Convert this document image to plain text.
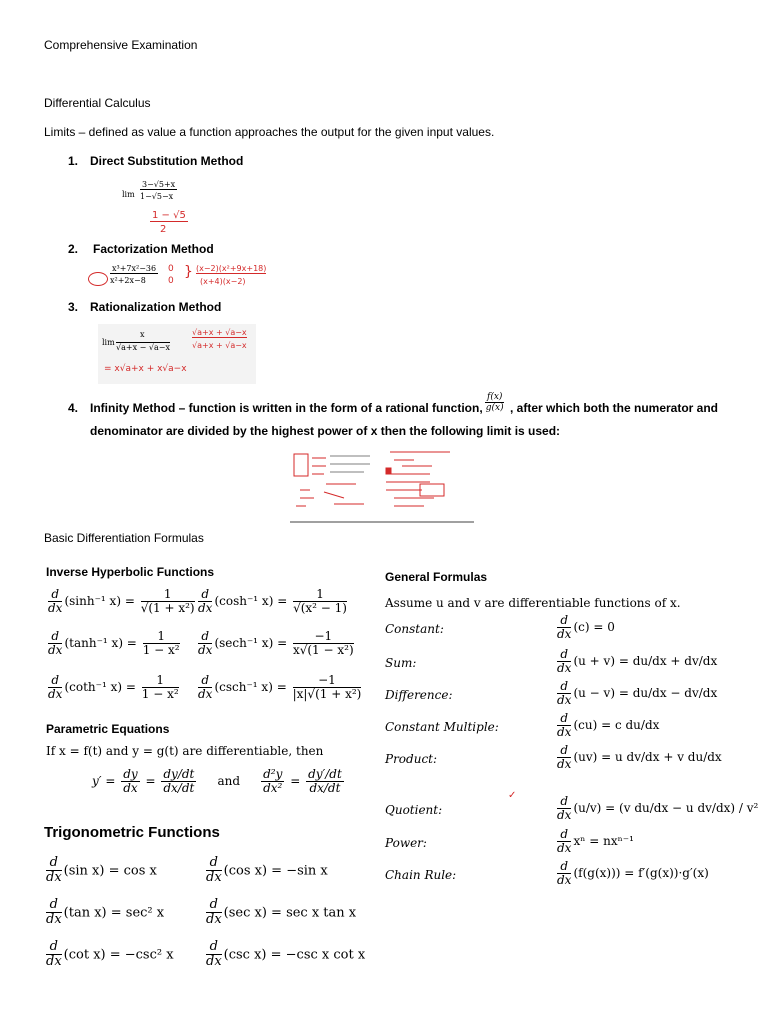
Comprehensive Examination
Differential Calculus
Limits – defined as value a function approaches the output for the given input values.
1. Direct Substitution Method
lim
3−√5+x
1−√5−x
1 − √5
2
2. Factorization Method
x³+7x²−36
x²+2x−8
0
0
} (x−2)(x²+9x+18)
(x+4)(x−2)
3. Rationalization Method
lim
x
√a+x − √a−x
√a+x + √a−x
√a+x + √a−x
= x√a+x + x√a−x
4. Infinity Method – function is written in the form of a rational function, $\frac{f(x)}{g(x)}$ , after which both the numerator and
denominator are divided by the highest power of x then the following limit is used:
Basic Differentiation Formulas
Inverse Hyperbolic Functions
$\frac{d}{dx} (\sinh^{-1}$ $x) = \frac{1}{\text{√(1 + x²)}} \frac{d}{dx} (\cosh^{-1}$ $x) = \frac{1}{\text{√(x² − 1)}}$
$\frac{d}{dx} (\tanh^{-1}$ $x) = \frac{1}{\text{1 − x²}} \frac{d}{dx} (\sec h^{-1}$ $x) = \frac{-1}{\text{x√(1 − x²)}}$
$\frac{d}{dx} (\cot h^{-1}$ $x) = \frac{1}{\text{1 − x²}} \frac{d}{dx} (\csc h^{-1}$ $x) = \frac{-1}{\text{|x|√(1 + x²)}}$
Parametric Equations
If x = f(t) and y = g(t) are differentiable, then
$y' = \frac{dy}{dx} = \frac{dy/dt}{dx/dt}$ and $\frac{\text{d²y}}{\text{dx²}} = \frac{dy'/dt}{dx/dt}$
Trigonometric Functions
$\frac{d}{dx} (\sin$ x) = cos x	$\frac{d}{dx} (\cos$ x) = −sin x
$\frac{d}{dx} (\tan$ x) = sec² x	$\frac{d}{dx} (\sec$ x) = sec x tan x
$\frac{d}{dx} (\cot$ x) = −csc² x $\frac{d}{dx} (\csc$ x) = −csc x cot x
General Formulas
Assume u and v are differentiable functions of x.
Constant:	$\frac{d}{dx} (c) = 0$
Sum:	$\frac{d}{dx} (u + v) = du/dx + dv/dx$
Difference:	$\frac{d}{dx} (u - v) = du/dx - dv/dx$
Constant Multiple:	$\frac{d}{dx} (cu) = c$ du/dx
Product:	$\frac{d}{dx} (uv) = u$ dv/dx + v du/dx
✓
Quotient:	$\frac{d}{dx} (u/v) = (v$ du/dx − u dv/dx) / v²
Power:	$\frac{d}{dx}$ xⁿ = nxⁿ⁻¹
Chain Rule:	$\frac{d}{dx} (f(g(x))) = f'(g(x))\cdot g'(x)$
